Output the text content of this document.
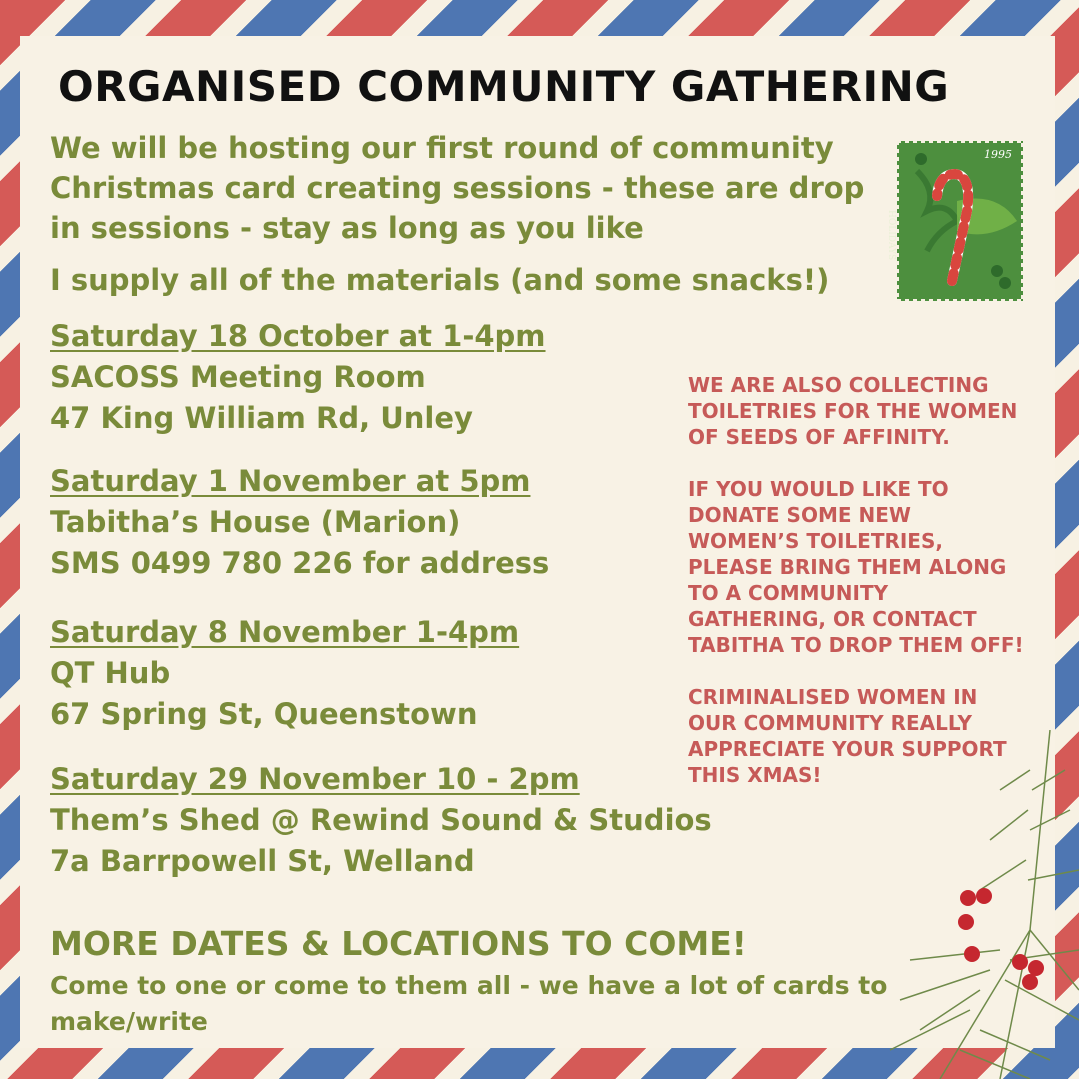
ORGANISED COMMUNITY GATHERING

We will be hosting our first round of community Christmas card creating sessions - these are drop in sessions - stay as long as you like

I supply all of the materials (and some snacks!)

Saturday 18 October at 1-4pm
SACOSS Meeting Room
47 King William Rd, Unley
Saturday 1 November at 5pm
Tabitha’s House (Marion)
SMS 0499 780 226 for address
Saturday 8 November 1-4pm
QT Hub
67 Spring St, Queenstown
Saturday 29 November 10 - 2pm
Them’s Shed @ Rewind Sound & Studios
7a Barrpowell St, Welland

WE ARE ALSO COLLECTING TOILETRIES FOR THE WOMEN OF SEEDS OF AFFINITY.

IF YOU WOULD LIKE TO DONATE SOME NEW WOMEN’S TOILETRIES, PLEASE BRING THEM ALONG TO A COMMUNITY GATHERING, OR CONTACT TABITHA TO DROP THEM OFF!

CRIMINALISED WOMEN IN OUR COMMUNITY REALLY APPRECIATE YOUR SUPPORT THIS XMAS!

MORE DATES & LOCATIONS TO COME!

Come to one or come to them all - we have a lot of cards to make/write

1995
HOLIDAYS
